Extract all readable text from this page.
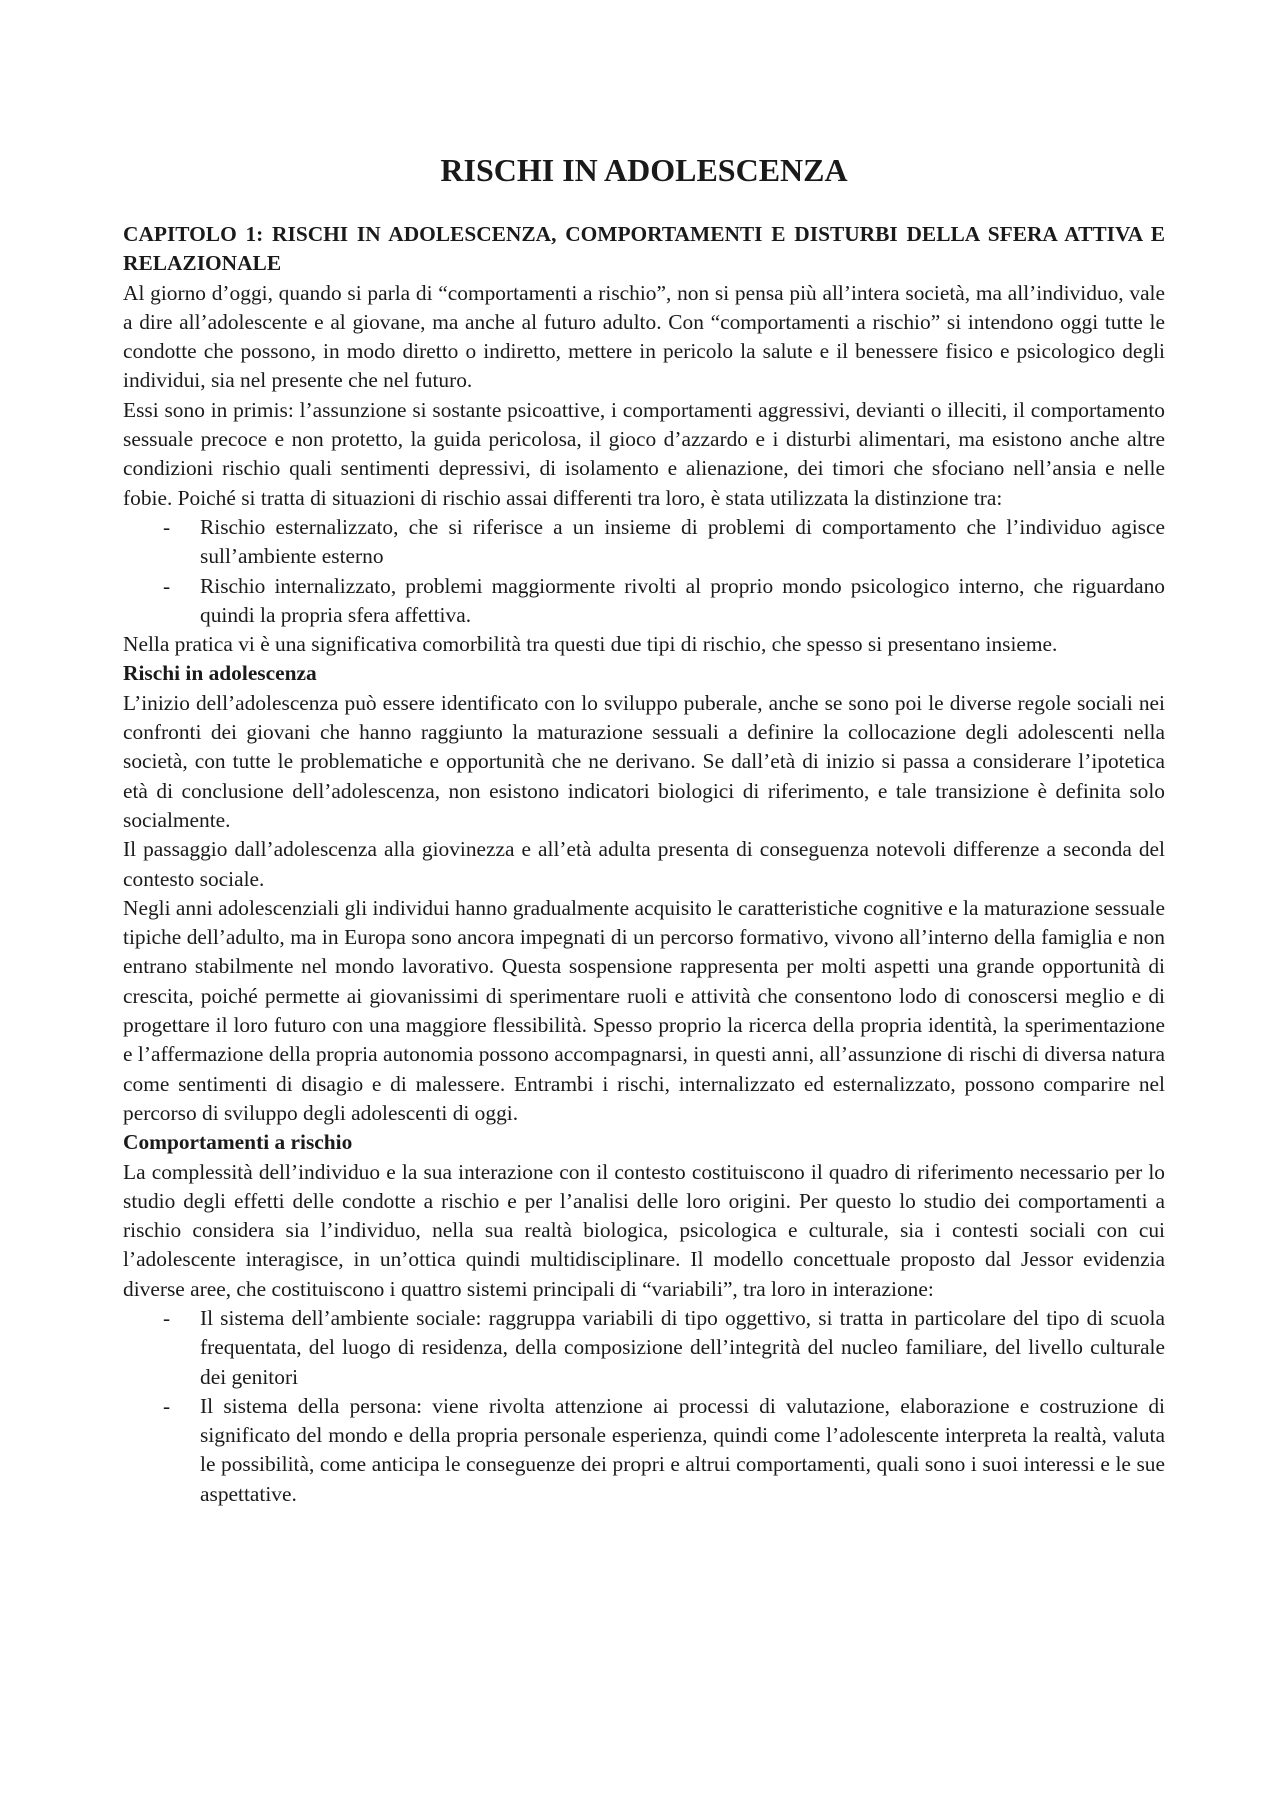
RISCHI IN ADOLESCENZA
CAPITOLO 1: RISCHI IN ADOLESCENZA, COMPORTAMENTI E DISTURBI DELLA SFERA ATTIVA E RELAZIONALE

Al giorno d’oggi, quando si parla di “comportamenti a rischio”, non si pensa più all’intera società, ma all’individuo, vale a dire all’adolescente e al giovane, ma anche al futuro adulto. Con “comportamenti a rischio” si intendono oggi tutte le condotte che possono, in modo diretto o indiretto, mettere in pericolo la salute e il benessere fisico e psicologico degli individui, sia nel presente che nel futuro.

Essi sono in primis: l’assunzione si sostante psicoattive, i comportamenti aggressivi, devianti o illeciti, il comportamento sessuale precoce e non protetto, la guida pericolosa, il gioco d’azzardo e i disturbi alimentari, ma esistono anche altre condizioni rischio quali sentimenti depressivi, di isolamento e alienazione, dei timori che sfociano nell’ansia e nelle fobie. Poiché si tratta di situazioni di rischio assai differenti tra loro, è stata utilizzata la distinzione tra:

- Rischio esternalizzato, che si riferisce a un insieme di problemi di comportamento che l’individuo agisce sull’ambiente esterno
- Rischio internalizzato, problemi maggiormente rivolti al proprio mondo psicologico interno, che riguardano quindi la propria sfera affettiva.

Nella pratica vi è una significativa comorbilità tra questi due tipi di rischio, che spesso si presentano insieme.

Rischi in adolescenza

L’inizio dell’adolescenza può essere identificato con lo sviluppo puberale, anche se sono poi le diverse regole sociali nei confronti dei giovani che hanno raggiunto la maturazione sessuali a definire la collocazione degli adolescenti nella società, con tutte le problematiche e opportunità che ne derivano. Se dall’età di inizio si passa a considerare l’ipotetica età di conclusione dell’adolescenza, non esistono indicatori biologici di riferimento, e tale transizione è definita solo socialmente.

Il passaggio dall’adolescenza alla giovinezza e all’età adulta presenta di conseguenza notevoli differenze a seconda del contesto sociale.

Negli anni adolescenziali gli individui hanno gradualmente acquisito le caratteristiche cognitive e la maturazione sessuale tipiche dell’adulto, ma in Europa sono ancora impegnati di un percorso formativo, vivono all’interno della famiglia e non entrano stabilmente nel mondo lavorativo. Questa sospensione rappresenta per molti aspetti una grande opportunità di crescita, poiché permette ai giovanissimi di sperimentare ruoli e attività che consentono lodo di conoscersi meglio e di progettare il loro futuro con una maggiore flessibilità. Spesso proprio la ricerca della propria identità, la sperimentazione e l’affermazione della propria autonomia possono accompagnarsi, in questi anni, all’assunzione di rischi di diversa natura come sentimenti di disagio e di malessere. Entrambi i rischi, internalizzato ed esternalizzato, possono comparire nel percorso di sviluppo degli adolescenti di oggi.

Comportamenti a rischio

La complessità dell’individuo e la sua interazione con il contesto costituiscono il quadro di riferimento necessario per lo studio degli effetti delle condotte a rischio e per l’analisi delle loro origini. Per questo lo studio dei comportamenti a rischio considera sia l’individuo, nella sua realtà biologica, psicologica e culturale, sia i contesti sociali con cui l’adolescente interagisce, in un’ottica quindi multidisciplinare. Il modello concettuale proposto dal Jessor evidenzia diverse aree, che costituiscono i quattro sistemi principali di “variabili”, tra loro in interazione:

- Il sistema dell’ambiente sociale: raggruppa variabili di tipo oggettivo, si tratta in particolare del tipo di scuola frequentata, del luogo di residenza, della composizione dell’integrità del nucleo familiare, del livello culturale dei genitori
- Il sistema della persona: viene rivolta attenzione ai processi di valutazione, elaborazione e costruzione di significato del mondo e della propria personale esperienza, quindi come l’adolescente interpreta la realtà, valuta le possibilità, come anticipa le conseguenze dei propri e altrui comportamenti, quali sono i suoi interessi e le sue aspettative.
